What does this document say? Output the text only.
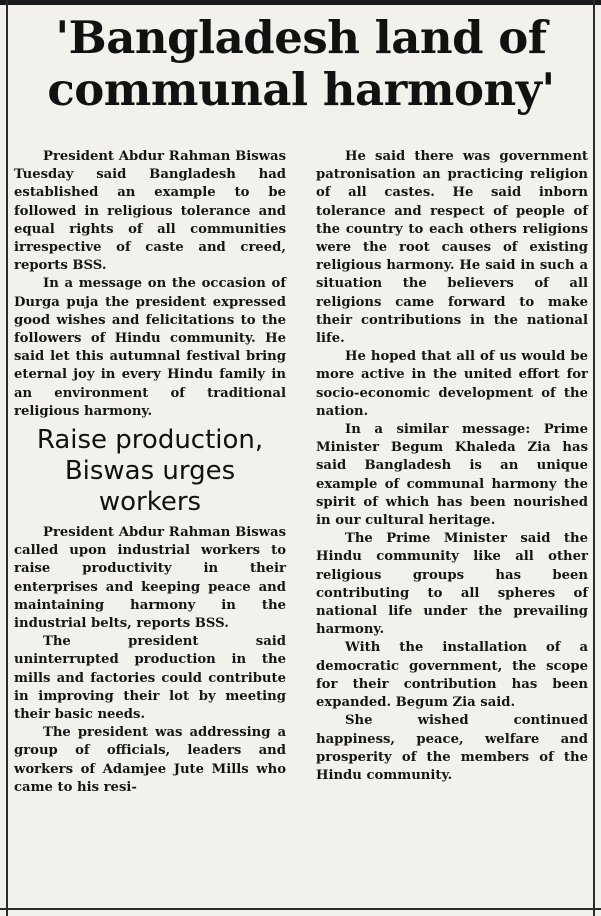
'Bangladesh land of
communal harmony'

President Abdur Rahman Biswas Tuesday said Bangladesh had established an example to be followed in religious tolerance and equal rights of all communities irrespective of caste and creed, reports BSS.

In a message on the occasion of Durga puja the president expressed good wishes and felicitations to the followers of Hindu community. He said let this autumnal festival bring eternal joy in every Hindu family in an environment of traditional religious harmony.

Raise production,
Biswas urges
workers

President Abdur Rahman Biswas called upon industrial workers to raise productivity in their enterprises and keeping peace and maintaining harmony in the industrial belts, reports BSS.

The president said uninterrupted production in the mills and factories could contribute in improving their lot by meeting their basic needs.

The president was addressing a group of officials, leaders and workers of Adamjee Jute Mills who came to his resi-

He said there was government patronisation an practicing religion of all castes. He said inborn tolerance and respect of people of the country to each others religions were the root causes of existing religious harmony. He said in such a situation the believers of all religions came forward to make their contributions in the national life.

He hoped that all of us would be more active in the united effort for socio-economic development of the nation.

In a similar message: Prime Minister Begum Khaleda Zia has said Bangladesh is an unique example of communal harmony the spirit of which has been nourished in our cultural heritage.

The Prime Minister said the Hindu community like all other religious groups has been contributing to all spheres of national life under the prevailing harmony.

With the installation of a democratic government, the scope for their contribution has been expanded. Begum Zia said.

She wished continued happiness, peace, welfare and prosperity of the members of the Hindu community.
